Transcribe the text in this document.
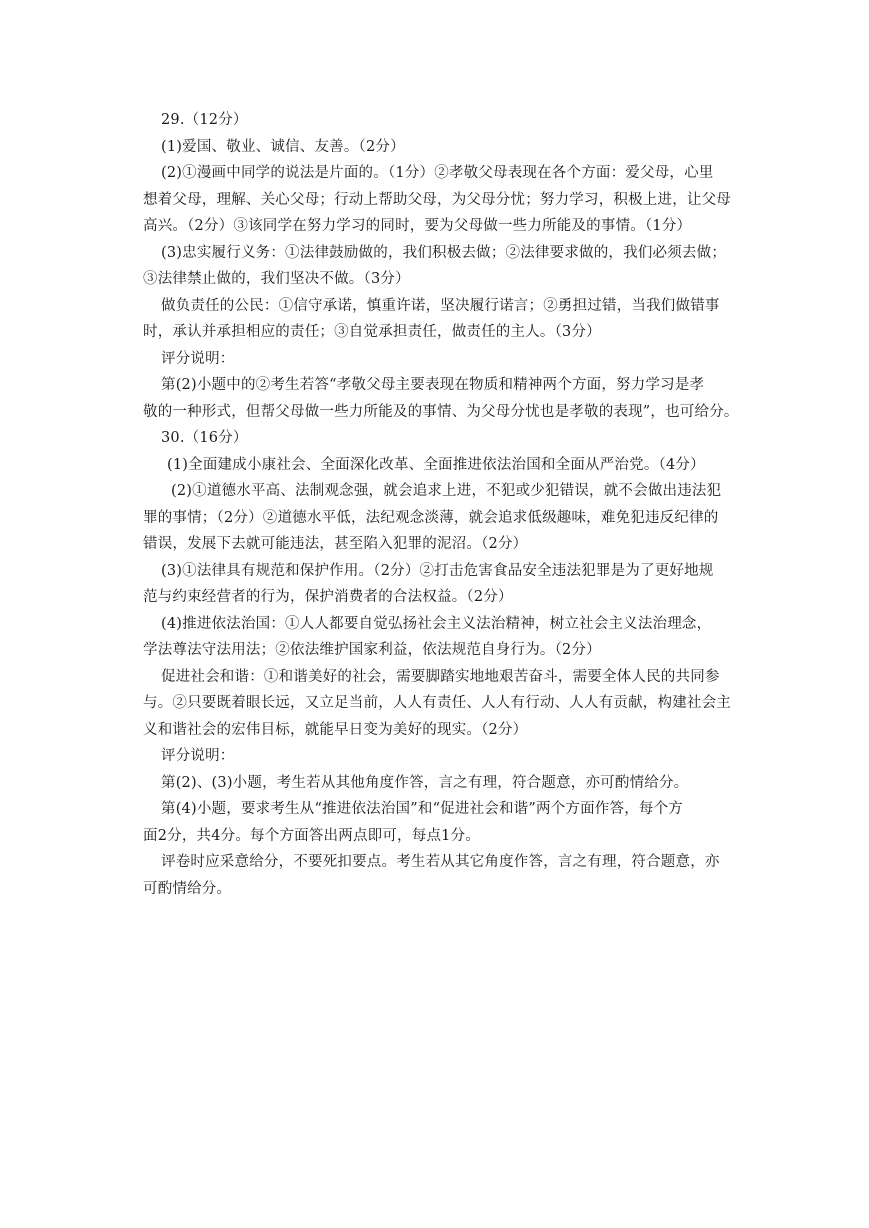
29.（12分）
(1)爱国、敬业、诚信、友善。（2分）
(2)①漫画中同学的说法是片面的。（1分）②孝敬父母表现在各个方面：爱父母，心里
想着父母，理解、关心父母；行动上帮助父母，为父母分忧；努力学习，积极上进，让父母
高兴。（2分）③该同学在努力学习的同时，要为父母做一些力所能及的事情。（1分）
(3)忠实履行义务：①法律鼓励做的，我们积极去做；②法律要求做的，我们必须去做；
③法律禁止做的，我们坚决不做。（3分）
做负责任的公民：①信守承诺，慎重许诺，坚决履行诺言；②勇担过错，当我们做错事
时，承认并承担相应的责任；③自觉承担责任，做责任的主人。（3分）
评分说明：
第(2)小题中的②考生若答“孝敬父母主要表现在物质和精神两个方面，努力学习是孝
敬的一种形式，但帮父母做一些力所能及的事情、为父母分忧也是孝敬的表现”，也可给分。
30.（16分）
(1)全面建成小康社会、全面深化改革、全面推进依法治国和全面从严治党。（4分）
(2)①道德水平高、法制观念强，就会追求上进，不犯或少犯错误，就不会做出违法犯
罪的事情；（2分）②道德水平低，法纪观念淡薄，就会追求低级趣味，难免犯违反纪律的
错误，发展下去就可能违法，甚至陷入犯罪的泥沼。（2分）
(3)①法律具有规范和保护作用。（2分）②打击危害食品安全违法犯罪是为了更好地规
范与约束经营者的行为，保护消费者的合法权益。（2分）
(4)推进依法治国：①人人都要自觉弘扬社会主义法治精神，树立社会主义法治理念，
学法尊法守法用法；②依法维护国家利益，依法规范自身行为。（2分）
促进社会和谐：①和谐美好的社会，需要脚踏实地地艰苦奋斗，需要全体人民的共同参
与。②只要既着眼长远，又立足当前，人人有责任、人人有行动、人人有贡献，构建社会主
义和谐社会的宏伟目标，就能早日变为美好的现实。（2分）
评分说明：
第(2)、(3)小题，考生若从其他角度作答，言之有理，符合题意，亦可酌情给分。
第(4)小题，要求考生从“推进依法治国”和“促进社会和谐”两个方面作答，每个方
面2分，共4分。每个方面答出两点即可，每点1分。
评卷时应采意给分，不要死扣要点。考生若从其它角度作答，言之有理，符合题意，亦
可酌情给分。
